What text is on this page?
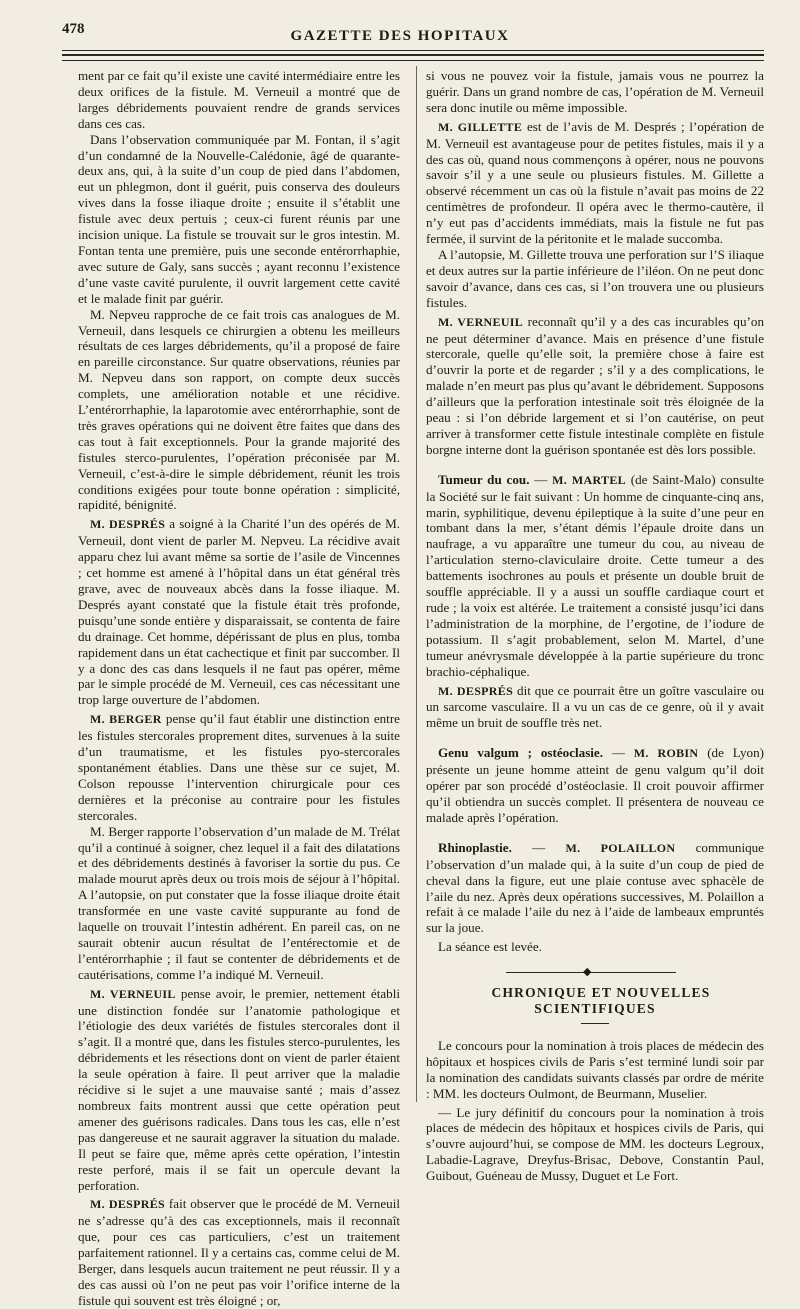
478	GAZETTE DES HOPITAUX

ment par ce fait qu’il existe une cavité intermédiaire entre les deux orifices de la fistule. M. Verneuil a montré que de larges débridements pouvaient rendre de grands services dans ces cas.

Dans l’observation communiquée par M. Fontan, il s’agit d’un condamné de la Nouvelle-Calédonie, âgé de quarante-deux ans, qui, à la suite d’un coup de pied dans l’abdomen, eut un phlegmon, dont il guérit, puis conserva des douleurs vives dans la fosse iliaque droite ; ensuite il s’établit une fistule avec deux pertuis ; ceux-ci furent réunis par une incision unique. La fistule se trouvait sur le gros intestin. M. Fontan tenta une première, puis une seconde entérorrhaphie, avec suture de Galy, sans succès ; ayant reconnu l’existence d’une vaste cavité purulente, il ouvrit largement cette cavité et le malade finit par guérir.

M. Nepveu rapproche de ce fait trois cas analogues de M. Verneuil, dans lesquels ce chirurgien a obtenu les meilleurs résultats de ces larges débridements, qu’il a proposé de faire en pareille circonstance. Sur quatre observations, réunies par M. Nepveu dans son rapport, on compte deux succès complets, une amélioration notable et une récidive. L’entérorrhaphie, la laparotomie avec entérorrhaphie, sont de très graves opérations qui ne doivent être faites que dans des cas tout à fait exceptionnels. Pour la grande majorité des fistules sterco-purulentes, l’opération préconisée par M. Verneuil, c’est-à-dire le simple débridement, réunit les trois conditions exigées pour toute bonne opération : simplicité, rapidité, bénignité.

M. DESPRÉS a soigné à la Charité l’un des opérés de M. Verneuil, dont vient de parler M. Nepveu. La récidive avait apparu chez lui avant même sa sortie de l’asile de Vincennes ; cet homme est amené à l’hôpital dans un état général très grave, avec de nouveaux abcès dans la fosse iliaque. M. Després ayant constaté que la fistule était très profonde, puisqu’une sonde entière y disparaissait, se contenta de faire du drainage. Cet homme, dépérissant de plus en plus, tomba rapidement dans un état cachectique et finit par succomber. Il y a donc des cas dans lesquels il ne faut pas opérer, même par le simple procédé de M. Verneuil, ces cas nécessitant une trop large ouverture de l’abdomen.

M. BERGER pense qu’il faut établir une distinction entre les fistules stercorales proprement dites, survenues à la suite d’un traumatisme, et les fistules pyo-stercorales spontanément établies. Dans une thèse sur ce sujet, M. Colson repousse l’intervention chirurgicale pour ces dernières et la préconise au contraire pour les fistules stercorales.

M. Berger rapporte l’observation d’un malade de M. Trélat qu’il a continué à soigner, chez lequel il a fait des dilatations et des débridements destinés à favoriser la sortie du pus. Ce malade mourut après deux ou trois mois de séjour à l’hôpital. A l’autopsie, on put constater que la fosse iliaque droite était transformée en une vaste cavité suppurante au fond de laquelle on trouvait l’intestin adhérent. En pareil cas, on ne saurait obtenir aucun résultat de l’entérectomie et de l’entérorrhaphie ; il faut se contenter de débridements et de cautérisations, comme l’a indiqué M. Verneuil.

M. VERNEUIL pense avoir, le premier, nettement établi une distinction fondée sur l’anatomie pathologique et l’étiologie des deux variétés de fistules stercorales dont il s’agit. Il a montré que, dans les fistules sterco-purulentes, les débridements et les résections dont on vient de parler étaient la seule opération à faire. Il peut arriver que la maladie récidive si le sujet a une mauvaise santé ; mais d’assez nombreux faits montrent aussi que cette opération peut amener des guérisons radicales. Dans tous les cas, elle n’est pas dangereuse et ne saurait aggraver la situation du malade. Il peut se faire que, même après cette opération, l’intestin reste perforé, mais il se fait un opercule devant la perforation.

M. DESPRÉS fait observer que le procédé de M. Verneuil ne s’adresse qu’à des cas exceptionnels, mais il reconnaît que, pour ces cas particuliers, c’est un traitement parfaitement rationnel. Il y a certains cas, comme celui de M. Berger, dans lesquels aucun traitement ne peut réussir. Il y a des cas aussi où l’on ne peut pas voir l’orifice interne de la fistule qui souvent est très éloigné ; or,

si vous ne pouvez voir la fistule, jamais vous ne pourrez la guérir. Dans un grand nombre de cas, l’opération de M. Verneuil sera donc inutile ou même impossible.

M. GILLETTE est de l’avis de M. Després ; l’opération de M. Verneuil est avantageuse pour de petites fistules, mais il y a des cas où, quand nous commençons à opérer, nous ne pouvons savoir s’il y a une seule ou plusieurs fistules. M. Gillette a observé récemment un cas où la fistule n’avait pas moins de 22 centimètres de profondeur. Il opéra avec le thermo-cautère, il n’y eut pas d’accidents immédiats, mais la fistule ne fut pas fermée, il survint de la péritonite et le malade succomba.

A l’autopsie, M. Gillette trouva une perforation sur l’S iliaque et deux autres sur la partie inférieure de l’iléon. On ne peut donc savoir d’avance, dans ces cas, si l’on trouvera une ou plusieurs fistules.

M. VERNEUIL reconnaît qu’il y a des cas incurables qu’on ne peut déterminer d’avance. Mais en présence d’une fistule stercorale, quelle qu’elle soit, la première chose à faire est d’ouvrir la porte et de regarder ; s’il y a des complications, le malade n’en meurt pas plus qu’avant le débridement. Supposons d’ailleurs que la perforation intestinale soit très éloignée de la peau : si l’on débride largement et si l’on cautérise, on peut arriver à transformer cette fistule intestinale complète en fistule borgne interne dont la guérison spontanée est dès lors possible.

Tumeur du cou. — M. MARTEL (de Saint-Malo) consulte la Société sur le fait suivant : Un homme de cinquante-cinq ans, marin, syphilitique, devenu épileptique à la suite d’une peur en tombant dans la mer, s’étant démis l’épaule droite dans un naufrage, a vu apparaître une tumeur du cou, au niveau de l’articulation sterno-claviculaire droite. Cette tumeur a des battements isochrones au pouls et présente un double bruit de souffle appréciable. Il y a aussi un souffle cardiaque court et rude ; la voix est altérée. Le traitement a consisté jusqu’ici dans l’administration de la morphine, de l’ergotine, de l’iodure de potassium. Il s’agit probablement, selon M. Martel, d’une tumeur anévrysmale développée à la partie supérieure du tronc brachio-céphalique.

M. DESPRÉS dit que ce pourrait être un goître vasculaire ou un sarcome vasculaire. Il a vu un cas de ce genre, où il y avait même un bruit de souffle très net.

Genu valgum ; ostéoclasie. — M. ROBIN (de Lyon) présente un jeune homme atteint de genu valgum qu’il doit opérer par son procédé d’ostéoclasie. Il croit pouvoir affirmer qu’il obtiendra un succès complet. Il présentera de nouveau ce malade après l’opération.

Rhinoplastie. — M. POLAILLON communique l’observation d’un malade qui, à la suite d’un coup de pied de cheval dans la figure, eut une plaie contuse avec sphacèle de l’aile du nez. Après deux opérations successives, M. Polaillon a refait à ce malade l’aile du nez à l’aide de lambeaux empruntés sur la joue.

La séance est levée.

◆

CHRONIQUE ET NOUVELLES SCIENTIFIQUES

Le concours pour la nomination à trois places de médecin des hôpitaux et hospices civils de Paris s’est terminé lundi soir par la nomination des candidats suivants classés par ordre de mérite : MM. les docteurs Oulmont, de Beurmann, Muselier.

— Le jury définitif du concours pour la nomination à trois places de médecin des hôpitaux et hospices civils de Paris, qui s’ouvre aujourd’hui, se compose de MM. les docteurs Legroux, Labadie-Lagrave, Dreyfus-Brisac, Debove, Constantin Paul, Guibout, Guéneau de Mussy, Duguet et Le Fort.
